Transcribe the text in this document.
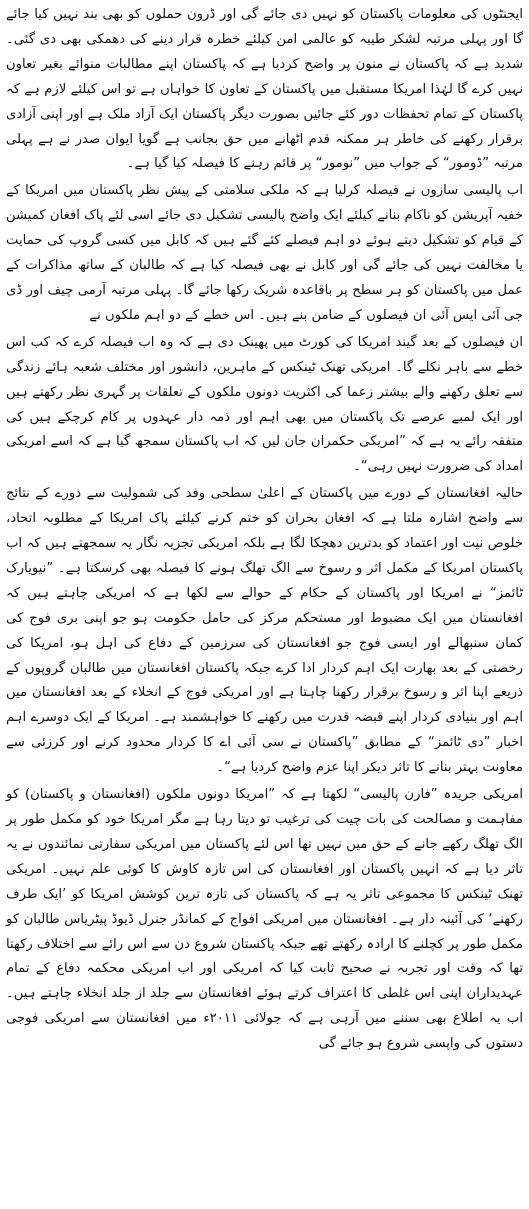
ایجنٹوں کی معلومات پاکستان کو نہیں دی جائے گی اور ڈرون حملوں کو بھی بند نہیں کیا جائے گا اور پہلی مرتبہ لشکر طیبہ کو عالمی امن کیلئے خطرہ قرار دینے کی دھمکی بھی دی گئی۔ شدید ہے کہ پاکستان نے منون پر واضح کردیا ہے کہ پاکستان اپنے مطالبات منوائے بغیر تعاون نہیں کرے گا لہٰذا امریکا مستقبل میں پاکستان کے تعاون کا خواہاں ہے تو اس کیلئے لازم ہے کہ پاکستان کے تمام تحفظات دور کئے جائیں بصورت دیگر پاکستان ایک آزاد ملک ہے اور اپنی آزادی برقرار رکھنے کی خاطر ہر ممکنہ قدم اٹھانے میں حق بجانب ہے گویا ایوان صدر نے ہے پہلی مرتبہ ”ڈومور“ کے جواب میں ”نومور“ پر قائم رہنے کا فیصلہ کیا گیا ہے۔

اب پالیسی سازوں نے فیصلہ کرلیا ہے کہ ملکی سلامتی کے پیش نظر پاکستان میں امریکا کے خفیہ آپریشن کو ناکام بنانے کیلئے ایک واضح پالیسی تشکیل دی جائے اسی لئے پاک افغان کمیشن کے قیام کو تشکیل دیتے ہوئے دو اہم فیصلے کئے گئے ہیں کہ کابل میں کسی گروپ کی حمایت یا مخالفت نہیں کی جائے گی اور کابل نے بھی فیصلہ کیا ہے کہ طالبان کے ساتھ مذاکرات کے عمل میں پاکستان کو ہر سطح پر باقاعدہ شریک رکھا جائے گا۔ پہلی مرتبہ آرمی چیف اور ڈی جی آئی ایس آئی ان فیصلوں کے ضامن بنے ہیں۔ اس خطے کے دو اہم ملکوں نے

ان فیصلوں کے بعد گیند امریکا کی کورٹ میں پھینک دی ہے کہ وہ اب فیصلہ کرے کہ کب اس خطے سے باہر نکلے گا۔ امریکی تھنک ٹینکس کے ماہرین، دانشور اور مختلف شعبہ ہائے زندگی سے تعلق رکھنے والے بیشتر زعما کی اکثریت دونوں ملکوں کے تعلقات پر گہری نظر رکھتے ہیں اور ایک لمبے عرصے تک پاکستان میں بھی اہم اور ذمہ دار عہدوں پر کام کرچکے ہیں کی متفقہ رائے یہ ہے کہ ”امریکی حکمران جان لیں کہ اب پاکستان سمجھ گیا ہے کہ اسے امریکی امداد کی ضرورت نہیں رہی“۔

حالیہ افغانستان کے دورے میں پاکستان کے اعلیٰ سطحی وفد کی شمولیت سے دورے کے نتائج سے واضح اشارہ ملتا ہے کہ افغان بحران کو ختم کرنے کیلئے پاک امریکا کے مطلوبہ اتحاد، خلوص نیت اور اعتماد کو بدترین دھچکا لگا ہے بلکہ امریکی تجزیہ نگار یہ سمجھتے ہیں کہ اب پاکستان امریکا کے مکمل اثر و رسوخ سے الگ تھلگ ہونے کا فیصلہ بھی کرسکتا ہے۔ ”نیویارک ٹائمز“ نے امریکا اور پاکستان کے حکام کے حوالے سے لکھا ہے کہ امریکی چاہتے ہیں کہ افغانستان میں ایک مضبوط اور مستحکم مرکز کی حامل حکومت ہو جو اپنی بری فوج کی کمان سنبھالے اور ایسی فوج جو افغانستان کی سرزمین کے دفاع کی اہل ہو، امریکا کی رخصتی کے بعد بھارت ایک اہم کردار ادا کرے جبکہ پاکستان افغانستان میں طالبان گروپوں کے ذریعے اپنا اثر و رسوخ برقرار رکھنا چاہتا ہے اور امریکی فوج کے انخلاء کے بعد افغانستان میں اہم اور بنیادی کردار اپنے قبضہ قدرت میں رکھنے کا خواہشمند ہے۔ امریکا کے ایک دوسرے اہم اخبار ”دی ٹائمز“ کے مطابق ”پاکستان نے سی آئی اے کا کردار محدود کرنے اور کرزئی سے معاونت بہتر بنانے کا تاثر دیکر اپنا عزم واضح کردیا ہے“۔

امریکی جریدہ ”فارن پالیسی“ لکھتا ہے کہ ”امریکا دونوں ملکوں (افغانستان و پاکستان) کو مفاہمت و مصالحت کی بات چیت کی ترغیب تو دیتا رہا ہے مگر امریکا خود کو مکمل طور پر الگ تھلگ رکھے جانے کے حق میں نہیں تھا اس لئے پاکستان میں امریکی سفارتی نمائندوں نے یہ تاثر دیا ہے کہ انہیں پاکستان اور افغانستان کی اس تازہ کاوش کا کوئی علم نہیں۔ امریکی تھنک ٹینکس کا مجموعی تاثر یہ ہے کہ پاکستان کی تازہ ترین کوشش امریکا کو ’ایک طرف رکھنے‘ کی آئینہ دار ہے۔ افغانستان میں امریکی افواج کے کمانڈر جنرل ڈیوڈ پیٹریاس طالبان کو مکمل طور پر کچلنے کا ارادہ رکھتے تھے جبکہ پاکستان شروع دن سے اس رائے سے اختلاف رکھتا تھا کہ وقت اور تجربہ نے صحیح ثابت کیا کہ امریکی اور اب امریکی محکمہ دفاع کے تمام عہدیداران اپنی اس غلطی کا اعتراف کرتے ہوئے افغانستان سے جلد از جلد انخلاء چاہتے ہیں۔ اب یہ اطلاع بھی سننے میں آرہی ہے کہ جولائی ۲۰۱۱ء میں افغانستان سے امریکی فوجی دستوں کی واپسی شروع ہو جائے گی
